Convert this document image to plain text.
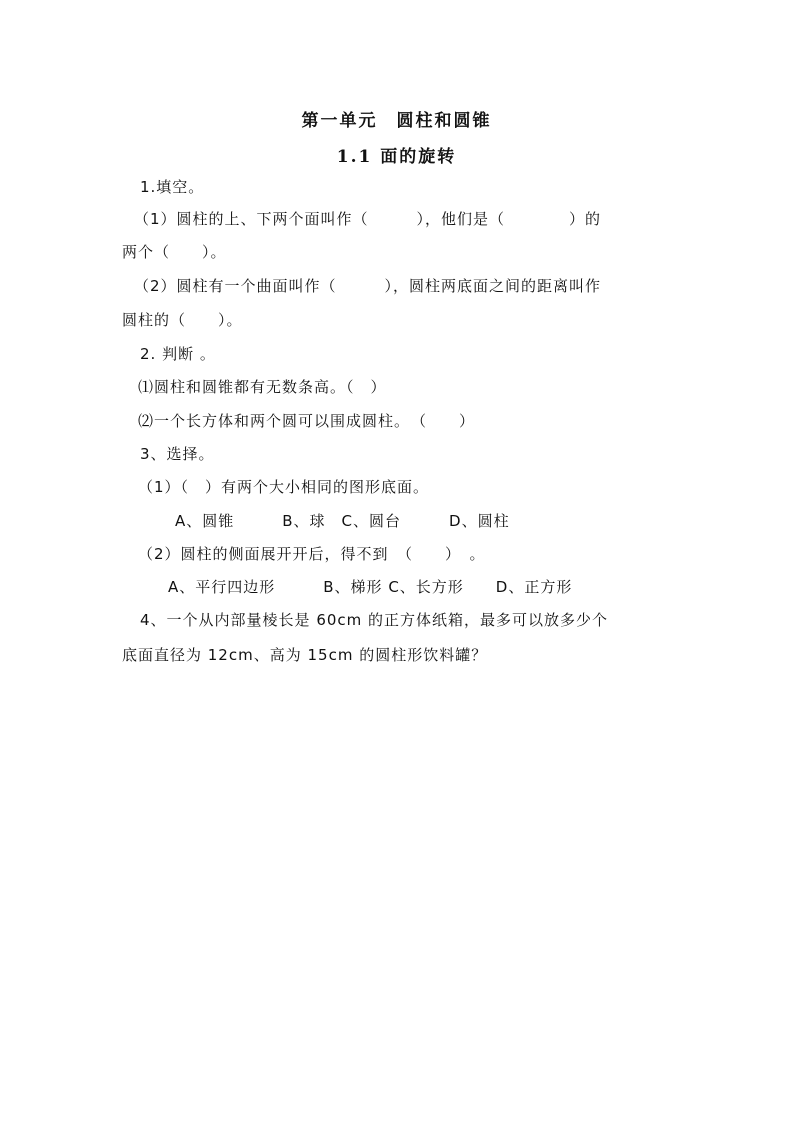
第一单元　圆柱和圆锥
1.1 面的旋转
1.填空。
（1）圆柱的上、下两个面叫作（　　　），他们是（　　　　）的
两个（　　）。
（2）圆柱有一个曲面叫作（　　　），圆柱两底面之间的距离叫作
圆柱的（　　）。
2. 判断 。
⑴圆柱和圆锥都有无数条高。（　）
⑵一个长方体和两个圆可以围成圆柱。　（　　）
3、选择。
（1）（　）有两个大小相同的图形底面。
A、圆锥　　　B、球　C、圆台　　　D、圆柱
（2）圆柱的侧面展开开后，得不到　（　　）　。
A、平行四边形　　　B、梯形 C、长方形　　D、正方形
4、一个从内部量棱长是 60cm 的正方体纸箱，最多可以放多少个
底面直径为 12cm、高为 15cm 的圆柱形饮料罐？
